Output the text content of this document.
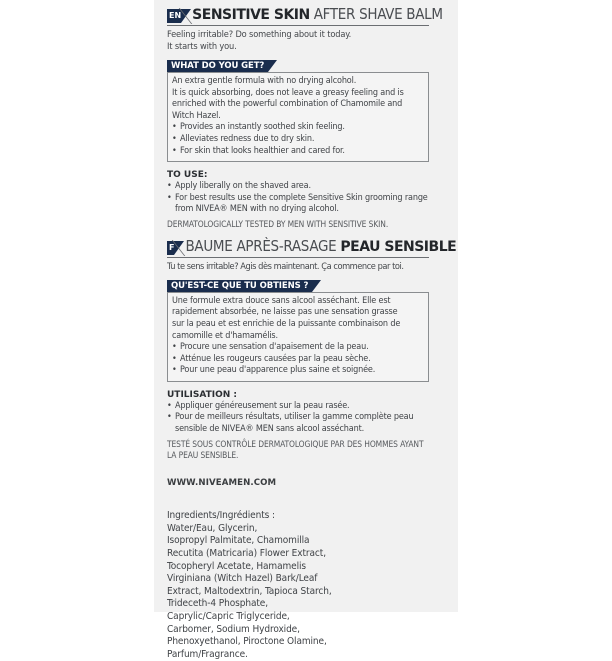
EN SENSITIVE SKIN AFTER SHAVE BALM
Feeling irritable? Do something about it today.
It starts with you.
WHAT DO YOU GET?

An extra gentle formula with no drying alcohol.

It is quick absorbing, does not leave a greasy feeling and is

enriched with the powerful combination of Chamomile and

Witch Hazel.

• Provides an instantly soothed skin feeling.
• Alleviates redness due to dry skin.
• For skin that looks healthier and cared for.
TO USE:
• Apply liberally on the shaved area.
• For best results use the complete Sensitive Skin grooming range from NIVEA® MEN with no drying alcohol.
DERMATOLOGICALLY TESTED BY MEN WITH SENSITIVE SKIN.
F BAUME APRÈS-RASAGE PEAU SENSIBLE
Tu te sens irritable? Agis dès maintenant. Ça commence par toi.
QU'EST-CE QUE TU OBTIENS ?

Une formule extra douce sans alcool asséchant. Elle est

rapidement absorbée, ne laisse pas une sensation grasse

sur la peau et est enrichie de la puissante combinaison de

camomille et d'hamamélis.

• Procure une sensation d'apaisement de la peau.
• Atténue les rougeurs causées par la peau sèche.
• Pour une peau d'apparence plus saine et soignée.
UTILISATION :
• Appliquer généreusement sur la peau rasée.
• Pour de meilleurs résultats, utiliser la gamme complète peau sensible de NIVEA® MEN sans alcool asséchant.
TESTÉ SOUS CONTRÔLE DERMATOLOGIQUE PAR DES HOMMES AYANT LA PEAU SENSIBLE.
WWW.NIVEAMEN.COM
Ingredients/Ingrédients :
Water/Eau, Glycerin,
Isopropyl Palmitate, Chamomilla
Recutita (Matricaria) Flower Extract,
Tocopheryl Acetate, Hamamelis
Virginiana (Witch Hazel) Bark/Leaf
Extract, Maltodextrin, Tapioca Starch,
Trideceth-4 Phosphate,
Caprylic/Capric Triglyceride,
Carbomer, Sodium Hydroxide,
Phenoxyethanol, Piroctone Olamine,
Parfum/Fragrance.
